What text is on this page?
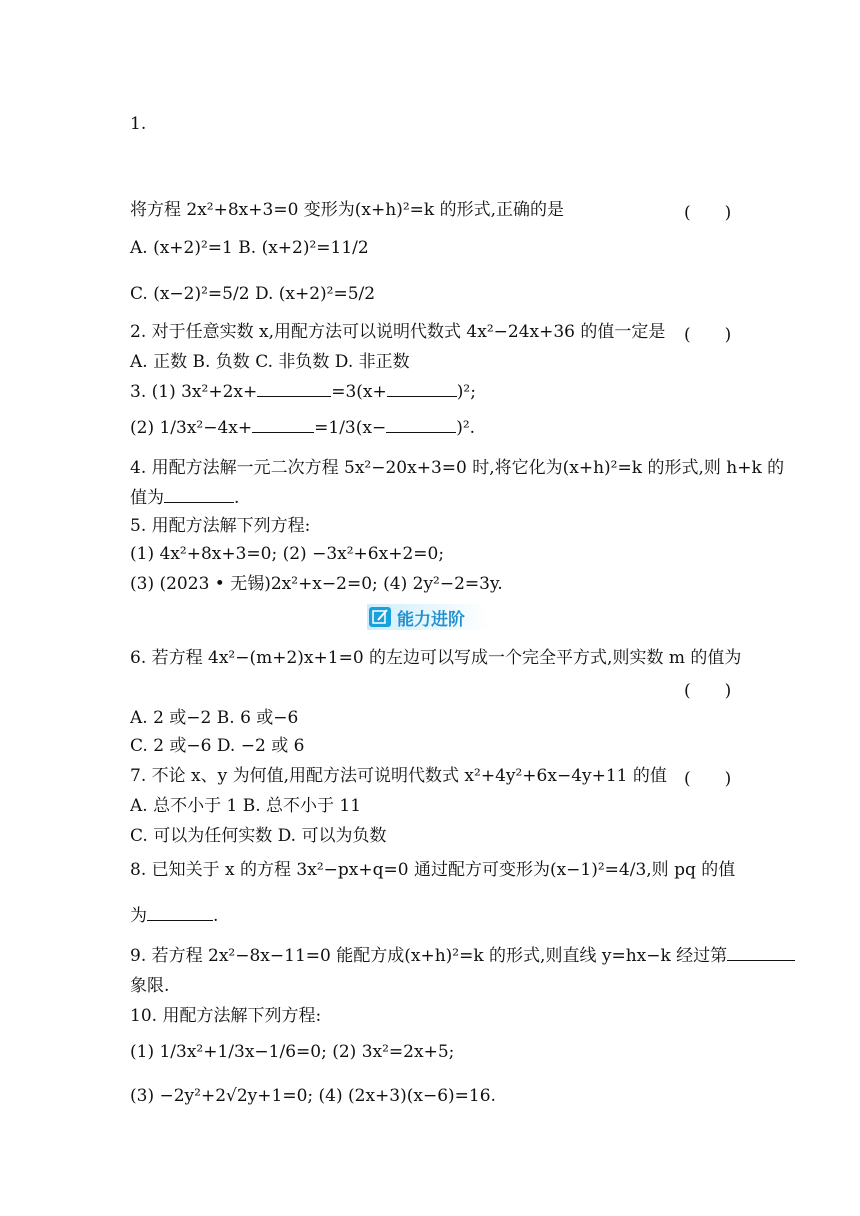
1.
将方程 2x²+8x+3=0 变形为(x+h)²=k 的形式,正确的是	(　　)
A. (x+2)²=1 B. (x+2)²=11/2
C. (x−2)²=5/2 D. (x+2)²=5/2
2. 对于任意实数 x,用配方法可以说明代数式 4x²−24x+36 的值一定是 (　　)
A. 正数 B. 负数 C. 非负数 D. 非正数
3. (1) 3x²+2x+	=3(x+	)²;
(2) 1/3x²−4x+	=1/3(x−	)².
4. 用配方法解一元二次方程 5x²−20x+3=0 时,将它化为(x+h)²=k 的形式,则 h+k 的
值为	.
5. 用配方法解下列方程:
(1) 4x²+8x+3=0; (2) −3x²+6x+2=0;
(3) (2023 • 无锡)2x²+x−2=0; (4) 2y²−2=3y.
能力进阶
6. 若方程 4x²−(m+2)x+1=0 的左边可以写成一个完全平方式,则实数 m 的值为
(　　)
A. 2 或−2 B. 6 或−6
C. 2 或−6 D. −2 或 6
7. 不论 x、y 为何值,用配方法可说明代数式 x²+4y²+6x−4y+11 的值 (　　)
A. 总不小于 1 B. 总不小于 11
C. 可以为任何实数 D. 可以为负数
8. 已知关于 x 的方程 3x²−px+q=0 通过配方可变形为(x−1)²=4/3,则 pq 的值
为	.
9. 若方程 2x²−8x−11=0 能配方成(x+h)²=k 的形式,则直线 y=hx−k 经过第
象限.
10. 用配方法解下列方程:
(1) 1/3x²+1/3x−1/6=0; (2) 3x²=2x+5;
(3) −2y²+2√2y+1=0; (4) (2x+3)(x−6)=16.
